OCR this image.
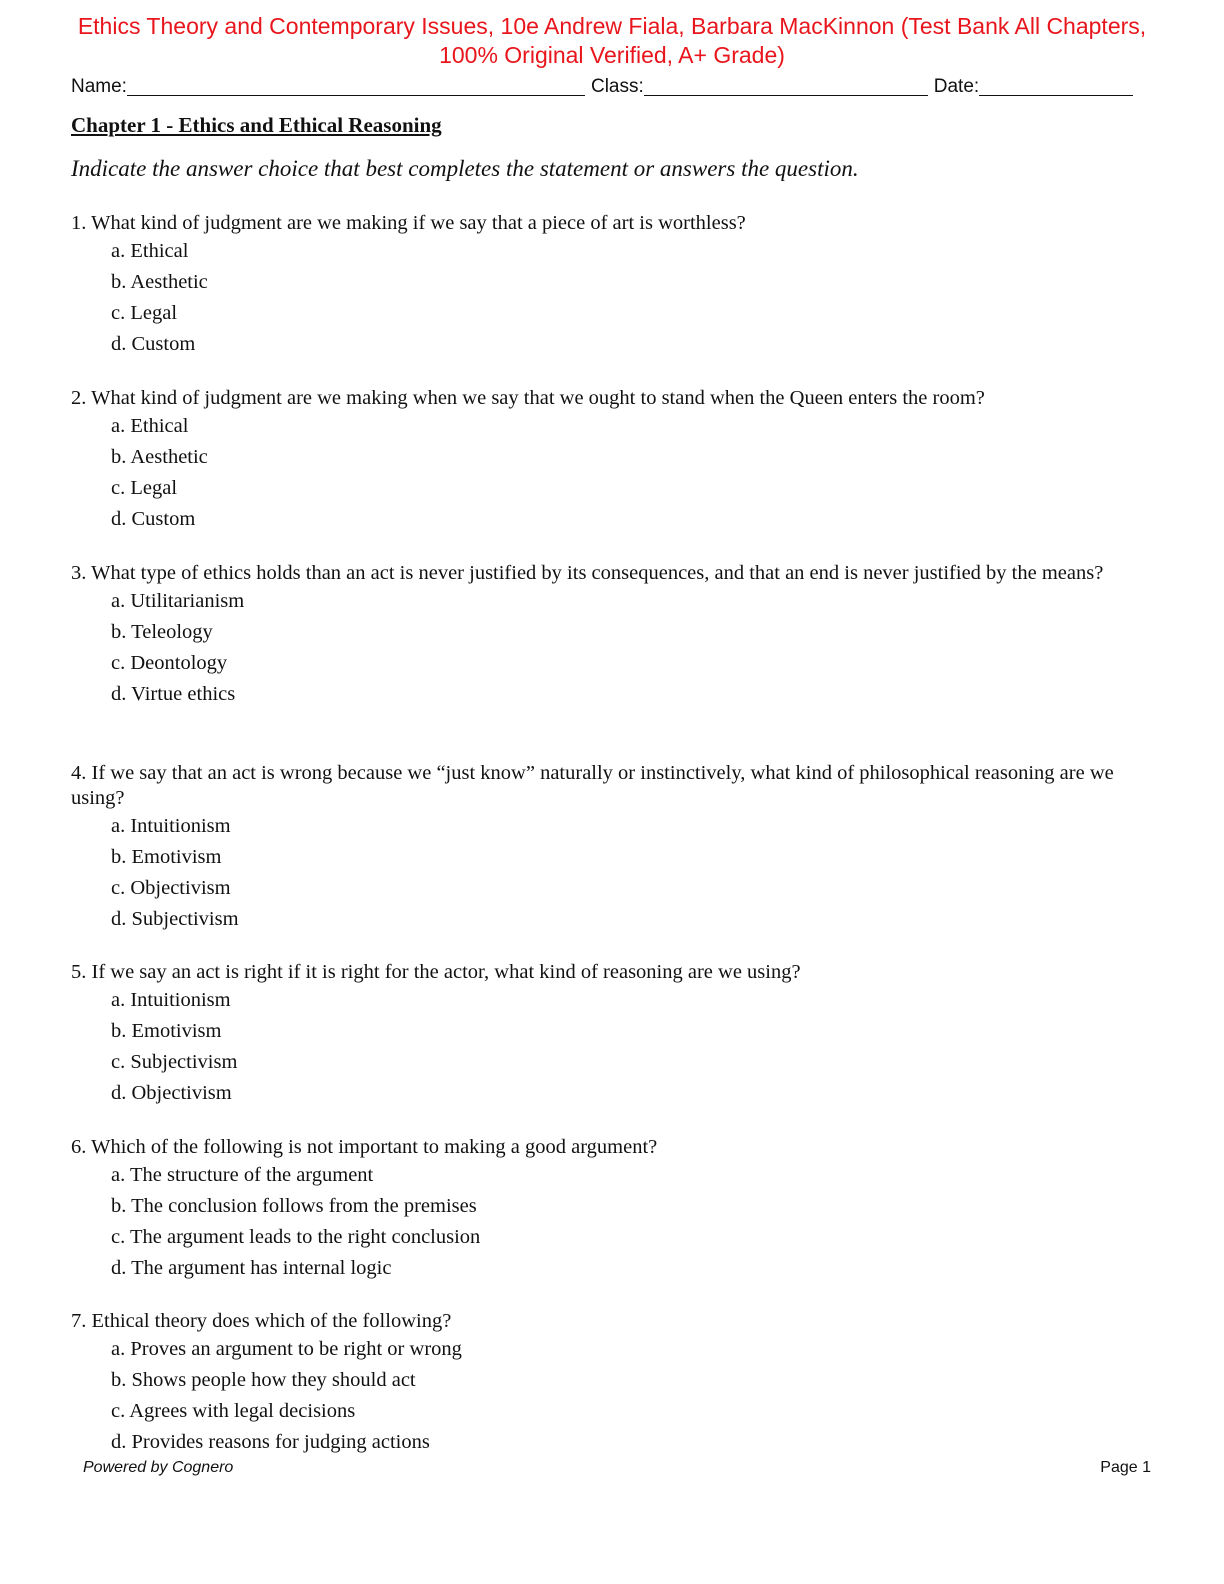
Ethics Theory and Contemporary Issues, 10e Andrew Fiala, Barbara MacKinnon (Test Bank All Chapters,
100% Original Verified, A+ Grade)
Name:	Class:	Date:
Chapter 1 - Ethics and Ethical Reasoning
Indicate the answer choice that best completes the statement or answers the question.
1. What kind of judgment are we making if we say that a piece of art is worthless?
a. Ethical
b. Aesthetic
c. Legal
d. Custom
2. What kind of judgment are we making when we say that we ought to stand when the Queen enters the room?
a. Ethical
b. Aesthetic
c. Legal
d. Custom
3. What type of ethics holds than an act is never justified by its consequences, and that an end is never justified by the means?
a. Utilitarianism
b. Teleology
c. Deontology
d. Virtue ethics
4. If we say that an act is wrong because we “just know” naturally or instinctively, what kind of philosophical reasoning are we using?
a. Intuitionism
b. Emotivism
c. Objectivism
d. Subjectivism
5. If we say an act is right if it is right for the actor, what kind of reasoning are we using?
a. Intuitionism
b. Emotivism
c. Subjectivism
d. Objectivism
6. Which of the following is not important to making a good argument?
a. The structure of the argument
b. The conclusion follows from the premises
c. The argument leads to the right conclusion
d. The argument has internal logic
7. Ethical theory does which of the following?
a. Proves an argument to be right or wrong
b. Shows people how they should act
c. Agrees with legal decisions
d. Provides reasons for judging actions
Powered by Cognero	Page 1
